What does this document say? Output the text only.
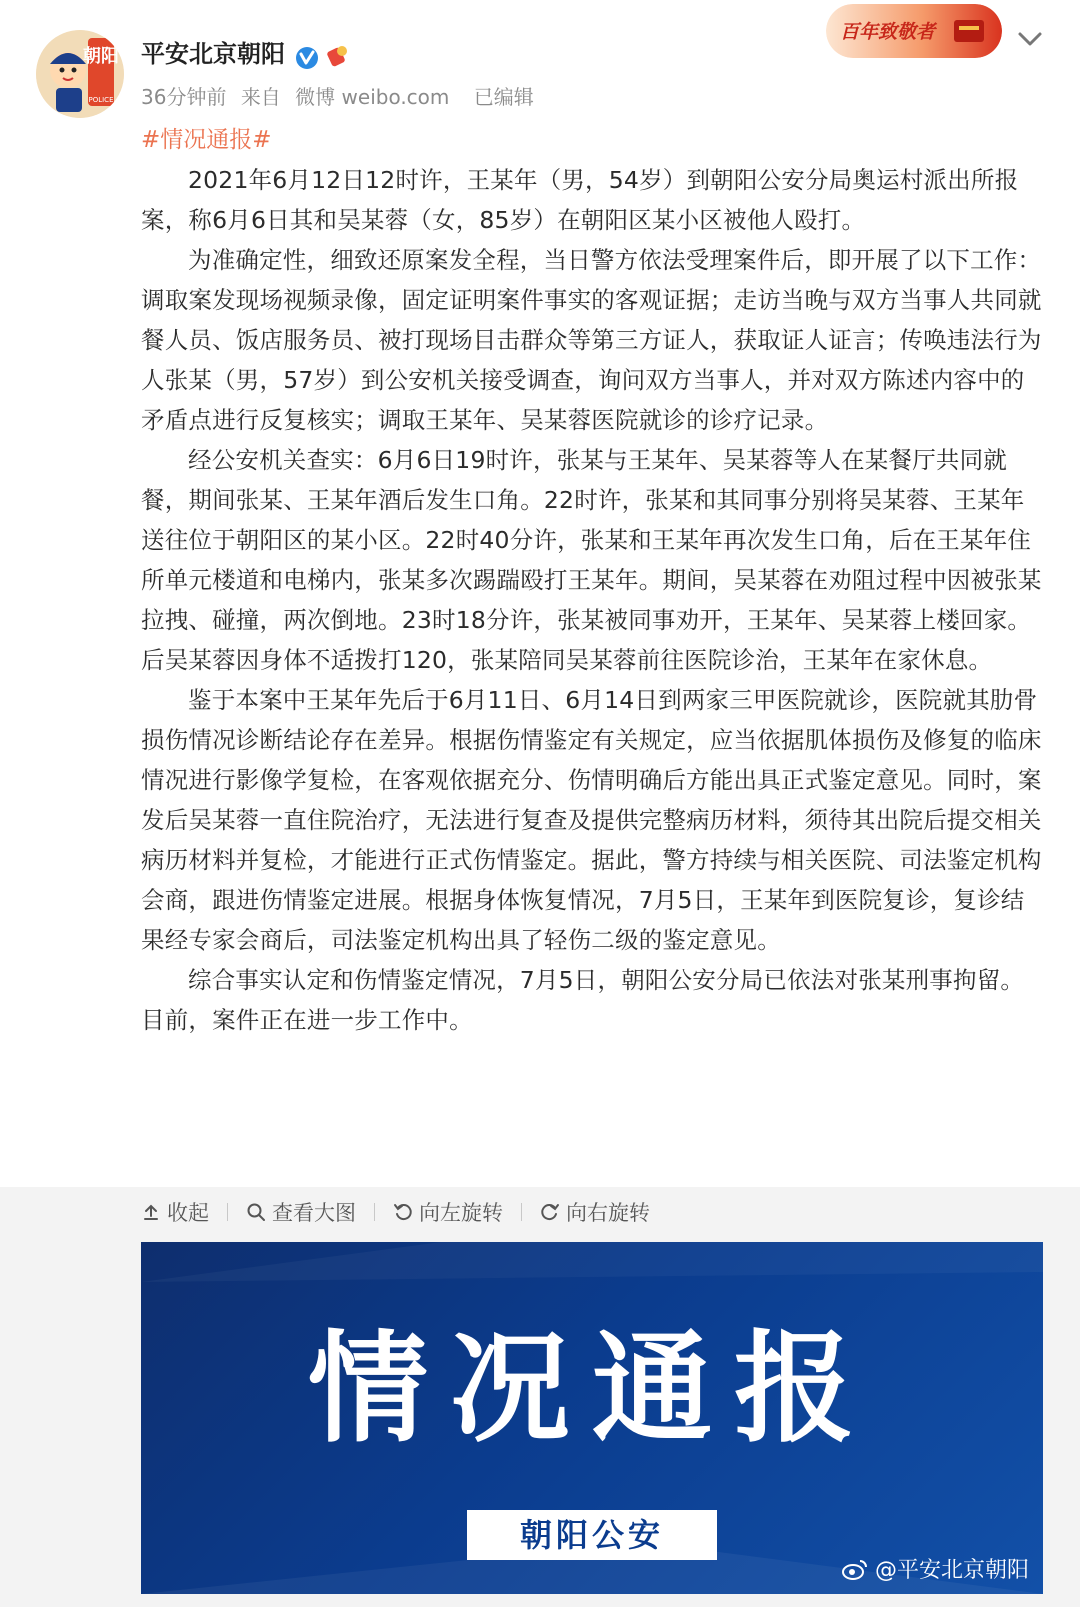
朝阳
POLICE
平安北京朝阳
36分钟前 来自 微博 weibo.com 已编辑
百年致敬者
#情况通报#

2021年6月12日12时许，王某年（男，54岁）到朝阳公安分局奥运村派出所报案，称6月6日其和吴某蓉（女，85岁）在朝阳区某小区被他人殴打。

为准确定性，细致还原案发全程，当日警方依法受理案件后，即开展了以下工作：调取案发现场视频录像，固定证明案件事实的客观证据；走访当晚与双方当事人共同就餐人员、饭店服务员、被打现场目击群众等第三方证人，获取证人证言；传唤违法行为人张某（男，57岁）到公安机关接受调查，询问双方当事人，并对双方陈述内容中的矛盾点进行反复核实；调取王某年、吴某蓉医院就诊的诊疗记录。

经公安机关查实：6月6日19时许，张某与王某年、吴某蓉等人在某餐厅共同就餐，期间张某、王某年酒后发生口角。22时许，张某和其同事分别将吴某蓉、王某年送往位于朝阳区的某小区。22时40分许，张某和王某年再次发生口角，后在王某年住所单元楼道和电梯内，张某多次踢踹殴打王某年。期间，吴某蓉在劝阻过程中因被张某拉拽、碰撞，两次倒地。23时18分许，张某被同事劝开，王某年、吴某蓉上楼回家。后吴某蓉因身体不适拨打120，张某陪同吴某蓉前往医院诊治，王某年在家休息。

鉴于本案中王某年先后于6月11日、6月14日到两家三甲医院就诊，医院就其肋骨损伤情况诊断结论存在差异。根据伤情鉴定有关规定，应当依据肌体损伤及修复的临床情况进行影像学复检，在客观依据充分、伤情明确后方能出具正式鉴定意见。同时，案发后吴某蓉一直住院治疗，无法进行复查及提供完整病历材料，须待其出院后提交相关病历材料并复检，才能进行正式伤情鉴定。据此，警方持续与相关医院、司法鉴定机构会商，跟进伤情鉴定进展。根据身体恢复情况，7月5日，王某年到医院复诊，复诊结果经专家会商后，司法鉴定机构出具了轻伤二级的鉴定意见。

综合事实认定和伤情鉴定情况，7月5日，朝阳公安分局已依法对张某刑事拘留。目前，案件正在进一步工作中。

收起	查看大图	向左旋转	向右旋转
情况通报
朝阳公安
@平安北京朝阳
